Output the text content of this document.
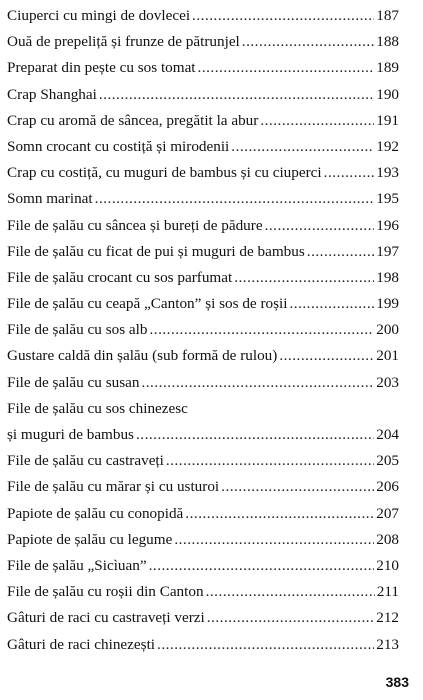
Ciuperci cu mingi de dovlecei .....	187
Ouă de prepeliță și frunze de pătrunjel .....	188
Preparat din pește cu sos tomat .....	189
Crap Shanghai .....	190
Crap cu aromă de sâncea, pregătit la abur .....	191
Somn crocant cu costiță și mirodenii .....	192
Crap cu costiță, cu muguri de bambus și cu ciuperci .....	193
Somn marinat .....	195
File de șalău cu sâncea și bureți de pădure .....	196
File de șalău cu ficat de pui și muguri de bambus .....	197
File de șalău crocant cu sos parfumat .....	198
File de șalău cu ceapă „Canton” și sos de roșii .....	199
File de șalău cu sos alb .....	200
Gustare caldă din șalău (sub formă de rulou) .....	201
File de șalău cu susan .....	203
File de șalău cu sos chinezesc
și muguri de bambus .....	204
File de șalău cu castraveți .....	205
File de șalău cu mărar și cu usturoi .....	206
Papiote de șalău cu conopidă .....	207
Papiote de șalău cu legume .....	208
File de șalău „Sicìuan” .....	210
File de șalău cu roșii din Canton .....	211
Gâturi de raci cu castraveți verzi .....	212
Gâturi de raci chinezești .....	213
383
